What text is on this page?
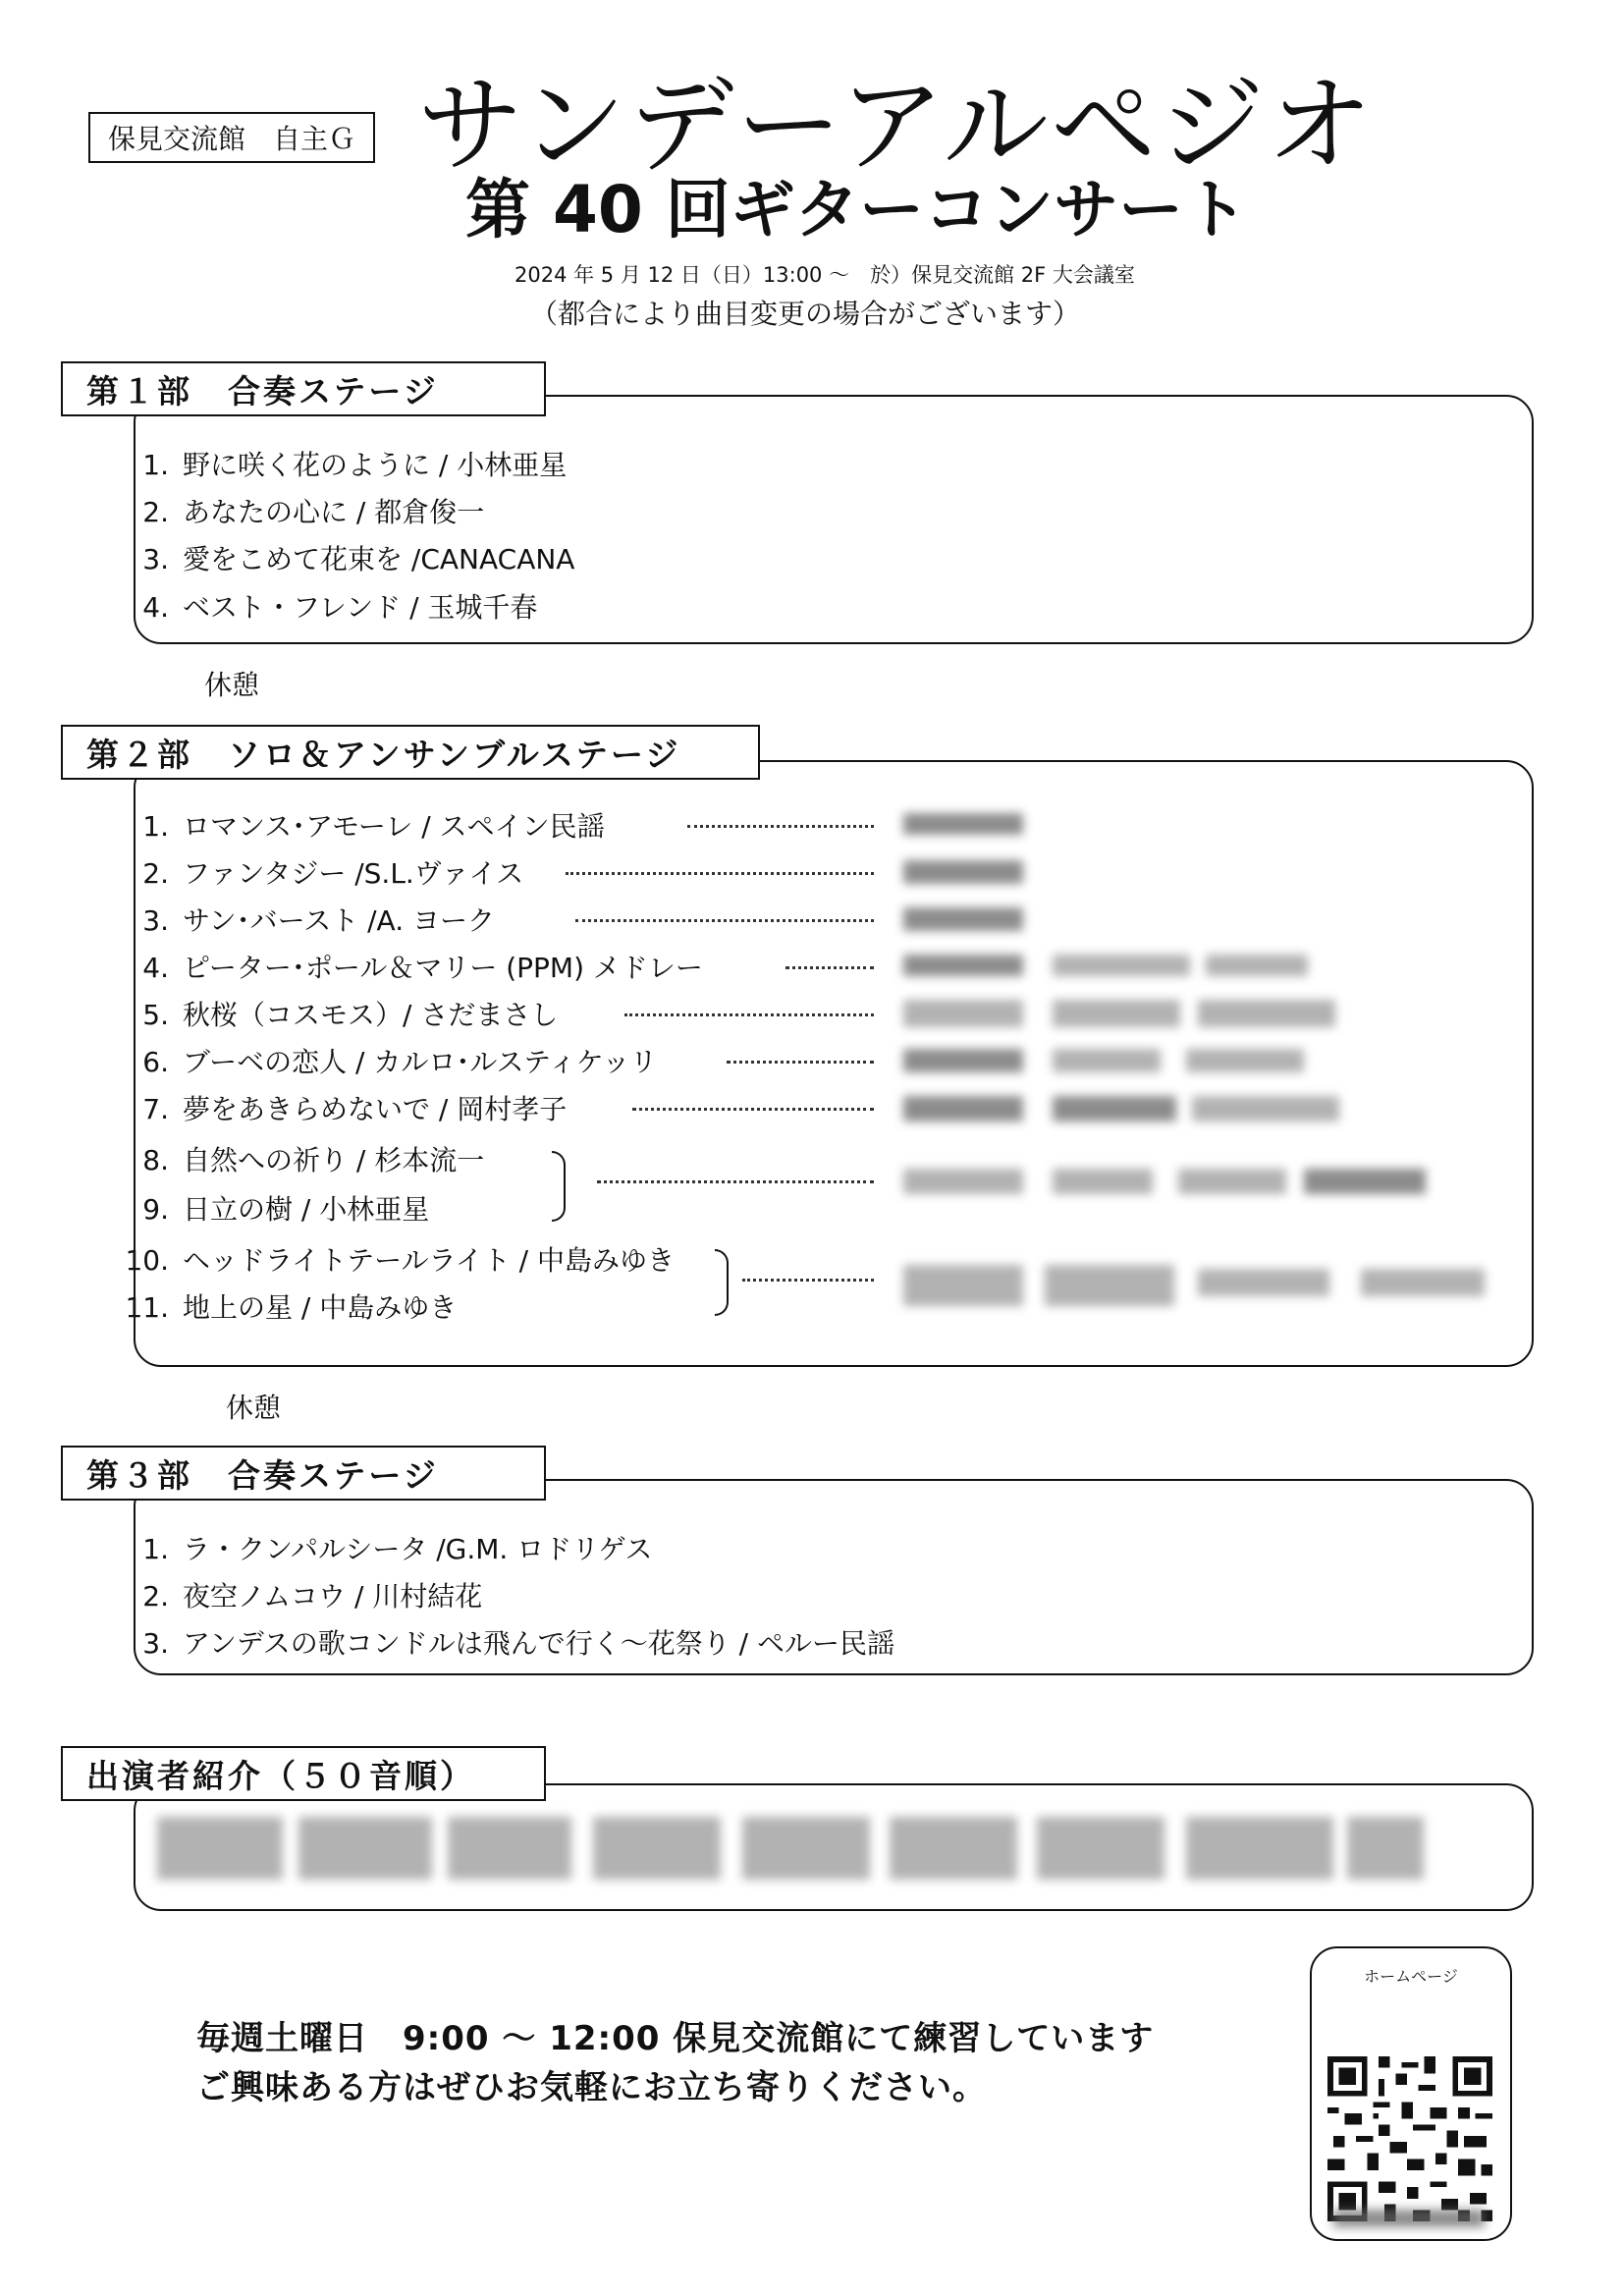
保見交流館　自主Ｇ サンデーアルペジオ
第 40 回ギターコンサート
2024 年 5 月 12 日（日）13:00 ～　於）保見交流館 2F 大会議室
（都合により曲目変更の場合がございます）
第１部　合奏ステージ
1. 野に咲く花のように / 小林亜星
2. あなたの心に / 都倉俊一
3. 愛をこめて花束を /CANACANA
4. ベスト・フレンド / 玉城千春
休憩
第２部　ソロ＆アンサンブルステージ
1. ロマンス･アモーレ / スペイン民謡
2. ファンタジー /S.L.ヴァイス
3. サン･バースト /A. ヨーク
4. ピーター･ポール＆マリー (PPM) メドレー
5. 秋桜（コスモス）/ さだまさし
6. ブーベの恋人 / カルロ･ルスティケッリ
7. 夢をあきらめないで / 岡村孝子
8. 自然への祈り / 杉本流一
9. 日立の樹 / 小林亜星
10. ヘッドライトテールライト / 中島みゆき
11. 地上の星 / 中島みゆき
休憩
第３部　合奏ステージ
1. ラ・クンパルシータ /G.M. ロドリゲス
2. 夜空ノムコウ / 川村結花
3. アンデスの歌コンドルは飛んで行く～花祭り / ペルー民謡
出演者紹介（５０音順）
毎週土曜日　9:00 ～ 12:00 保見交流館にて練習しています
ご興味ある方はぜひお気軽にお立ち寄りください。
ホームページ
